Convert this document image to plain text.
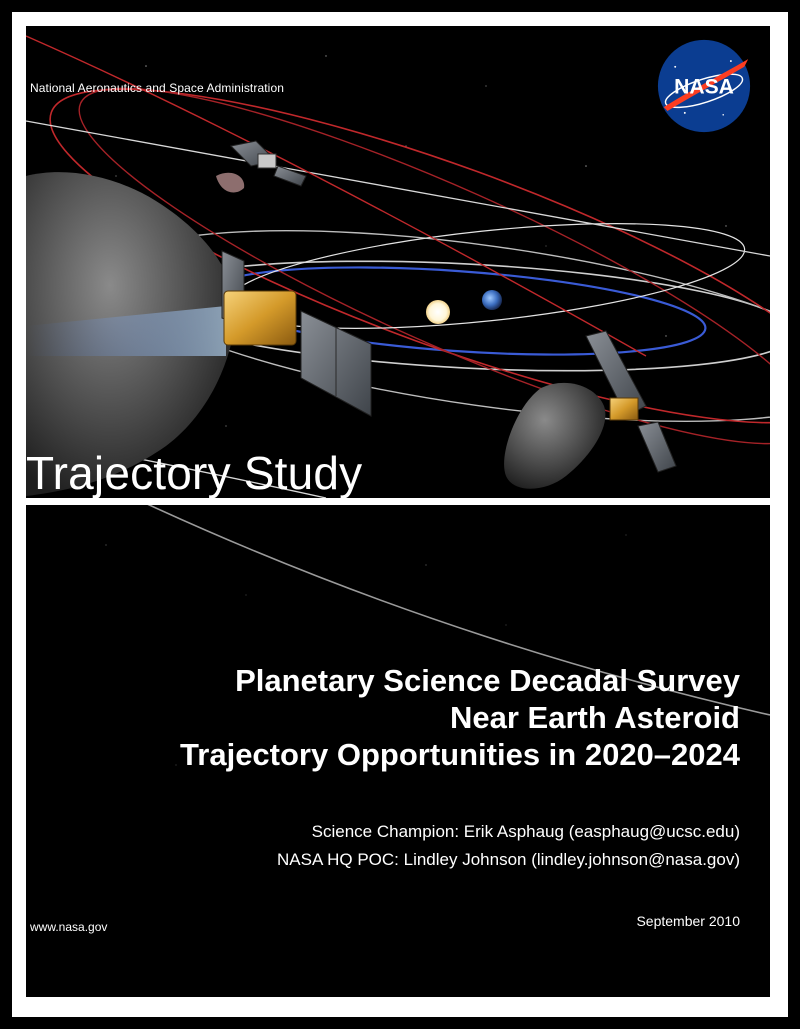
National Aeronautics and Space Administration	NASA
Trajectory Study
Planetary Science Decadal Survey
Near Earth Asteroid
Trajectory Opportunities in 2020–2024
Science Champion: Erik Asphaug (easphaug@ucsc.edu)
NASA HQ POC: Lindley Johnson (lindley.johnson@nasa.gov)
www.nasa.gov	September 2010
